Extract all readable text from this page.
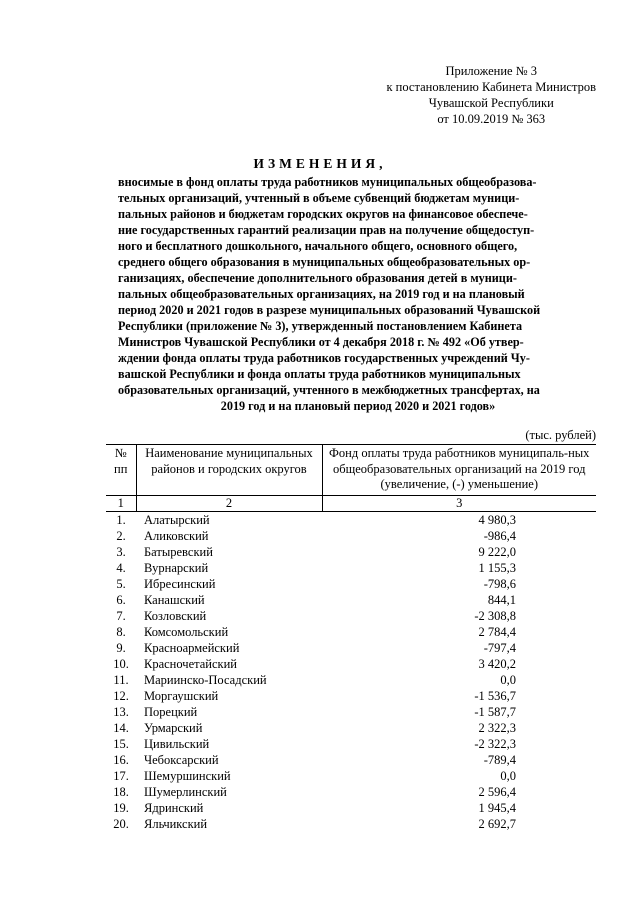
Приложение № 3
к постановлению Кабинета Министров
Чувашской Республики
от 10.09.2019 № 363
ИЗМЕНЕНИЯ,
вносимые в фонд оплаты труда работников муниципальных общеобразова-
тельных организаций, учтенный в объеме субвенций бюджетам муници-
пальных районов и бюджетам городских округов на финансовое обеспече-
ние государственных гарантий реализации прав на получение общедоступ-
ного и бесплатного дошкольного, начального общего, основного общего,
среднего общего образования в муниципальных общеобразовательных ор-
ганизациях, обеспечение дополнительного образования детей в муници-
пальных общеобразовательных организациях, на 2019 год и на плановый
период 2020 и 2021 годов в разрезе муниципальных образований Чувашской
Республики (приложение № 3), утвержденный постановлением Кабинета
Министров Чувашской Республики от 4 декабря 2018 г. № 492 «Об утвер-
ждении фонда оплаты труда работников государственных учреждений Чу-
вашской Республики и фонда оплаты труда работников муниципальных
образовательных организаций, учтенного в межбюджетных трансфертах, на
2019 год и на плановый период 2020 и 2021 годов»
(тыс. рублей)
№ пп	Наименование муниципальных районов и городских округов	Фонд оплаты труда работников муниципаль-ных общеобразовательных организаций на 2019 год (увеличение, (-) уменьшение)
1	2	3
1.	Алатырский	4 980,3
2.	Аликовский	-986,4
3.	Батыревский	9 222,0
4.	Вурнарский	1 155,3
5.	Ибресинский	-798,6
6.	Канашский	844,1
7.	Козловский	-2 308,8
8.	Комсомольский	2 784,4
9.	Красноармейский	-797,4
10.	Красночетайский	3 420,2
11.	Мариинско-Посадский	0,0
12.	Моргаушский	-1 536,7
13.	Порецкий	-1 587,7
14.	Урмарский	2 322,3
15.	Цивильский	-2 322,3
16.	Чебоксарский	-789,4
17.	Шемуршинский	0,0
18.	Шумерлинский	2 596,4
19.	Ядринский	1 945,4
20.	Яльчикский	2 692,7
